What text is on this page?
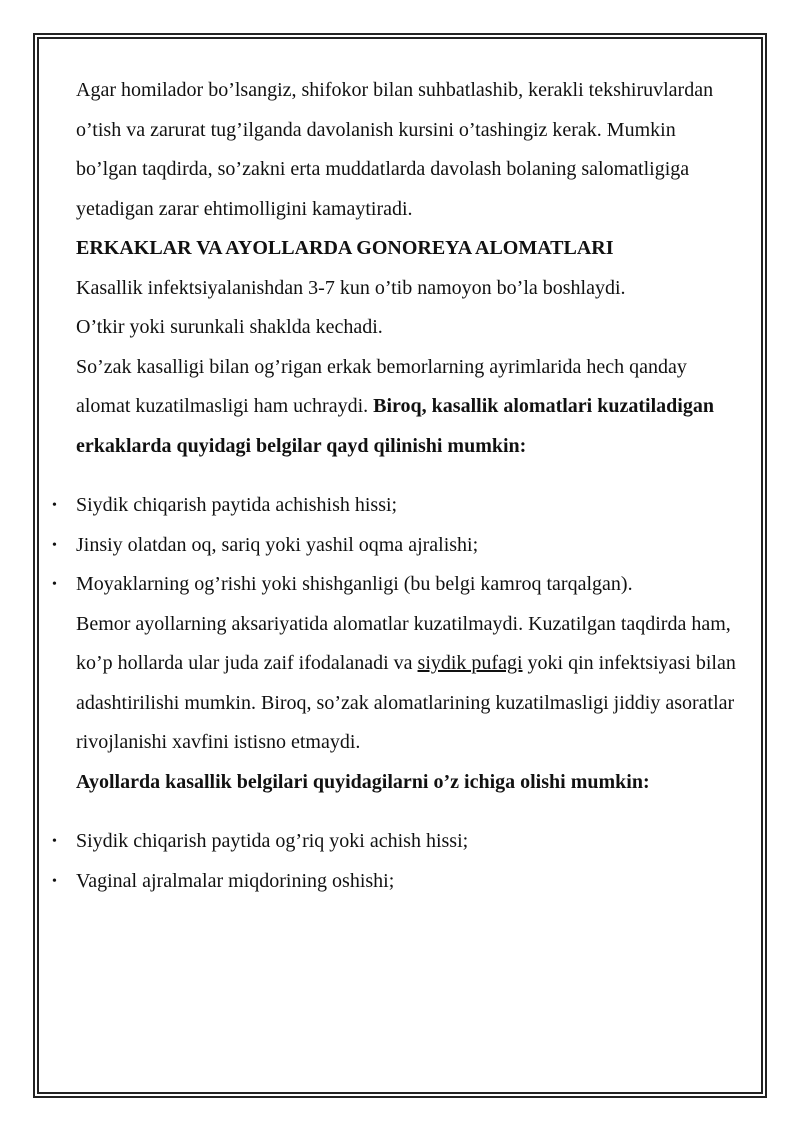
Agar homilador bo’lsangiz, shifokor bilan suhbatlashib, kerakli tekshiruvlardan o’tish va zarurat tug’ilganda davolanish kursini o’tashingiz kerak. Mumkin bo’lgan taqdirda, so’zakni erta muddatlarda davolash bolaning salomatligiga yetadigan zarar ehtimolligini kamaytiradi.

ERKAKLAR VA AYOLLARDA GONOREYA ALOMATLARI

Kasallik infektsiyalanishdan 3-7 kun o’tib namoyon bo’la boshlaydi.

O’tkir yoki surunkali shaklda kechadi.

So’zak kasalligi bilan og’rigan erkak bemorlarning ayrimlarida hech qanday alomat kuzatilmasligi ham uchraydi. Biroq, kasallik alomatlari kuzatiladigan erkaklarda quyidagi belgilar qayd qilinishi mumkin:

• Siydik chiqarish paytida achishish hissi;
• Jinsiy olatdan oq, sariq yoki yashil oqma ajralishi;
• Moyaklarning og’rishi yoki shishganligi (bu belgi kamroq tarqalgan).

Bemor ayollarning aksariyatida alomatlar kuzatilmaydi. Kuzatilgan taqdirda ham, ko’p hollarda ular juda zaif ifodalanadi va siydik pufagi yoki qin infektsiyasi bilan adashtirilishi mumkin. Biroq, so’zak alomatlarining kuzatilmasligi jiddiy asoratlar rivojlanishi xavfini istisno etmaydi.

Ayollarda kasallik belgilari quyidagilarni o’z ichiga olishi mumkin:

• Siydik chiqarish paytida og’riq yoki achish hissi;
• Vaginal ajralmalar miqdorining oshishi;
